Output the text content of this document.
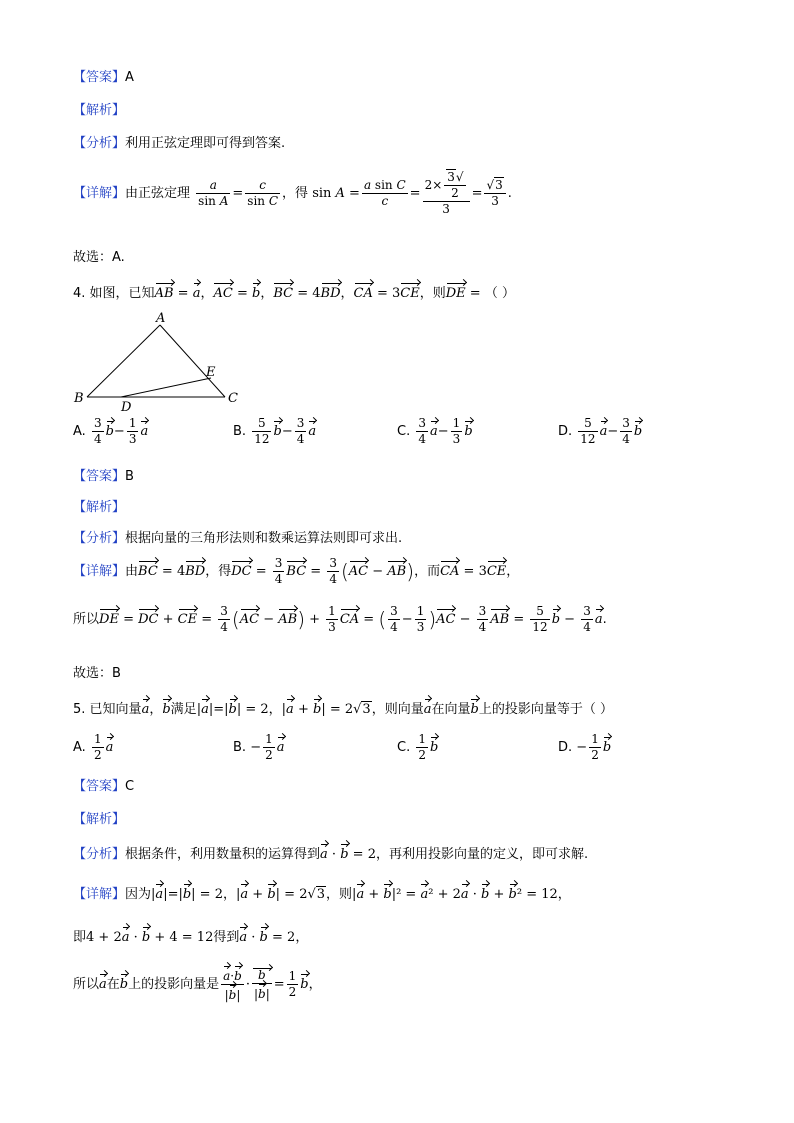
【答案】A
【解析】
【分析】利用正弦定理即可得到答案.
【详解】由正弦定理 $\frac{a}{\text{sin A}} = \frac{c}{\text{sin C}}$ ，得 $\sin A = \frac{\text{a sin C}}{c} = \frac{2\times \frac{3√}{2}}{3} = \frac{√3}{3}$ .
故选：A.
4. 如图，已知AB = a，AC = b，BC = 4BD，CA = 3CE，则DE = （ ）
A
B	C
D
E
A. $\frac{3}{4} b- \frac{1}{3}$ a	B. $\frac{5}{12} b- \frac{3}{4}$ a	C. $\frac{3}{4} a- \frac{1}{3}$ b	D. $\frac{5}{12} a- \frac{3}{4}$ b
【答案】B
【解析】
【分析】根据向量的三角形法则和数乘运算法则即可求出.
【详解】由BC = 4BD，得DC = $\frac{3}{4}$ BC = $\frac{3}{4} (AC - AB)$，而CA = 3CE，
所以DE = DC + CE = $\frac{3}{4} (AC - AB) + \frac{1}{3}$ CA = ( $\frac{3}{4} - \frac{1}{3} )AC - \frac{3}{4}$ AB = $\frac{5}{12}$ $b - \frac{3}{4} a$.
故选：B
5. 已知向量a，b满足|a|=|b| = 2，|a + b| = 2√3，则向量a在向量b上的投影向量等于（ ）
A. $\frac{1}{2}$ a	B. − $\frac{1}{2}$ a	C. $\frac{1}{2}$ b	D. − $\frac{1}{2}$ b
【答案】C
【解析】
【分析】根据条件，利用数量积的运算得到a · b = 2，再利用投影向量的定义，即可求解.
【详解】因为|a|=|b| = 2，|a + b| = 2√3，则|a + b|² = a² + 2a · b + b² = 12，
即4 + 2a · b + 4 = 12得到a · b = 2，
所以a在b上的投影向量是 $\frac{a\cdot b}{|b|} \cdot \frac{b}{|b|} = \frac{1}{2}$ b，
